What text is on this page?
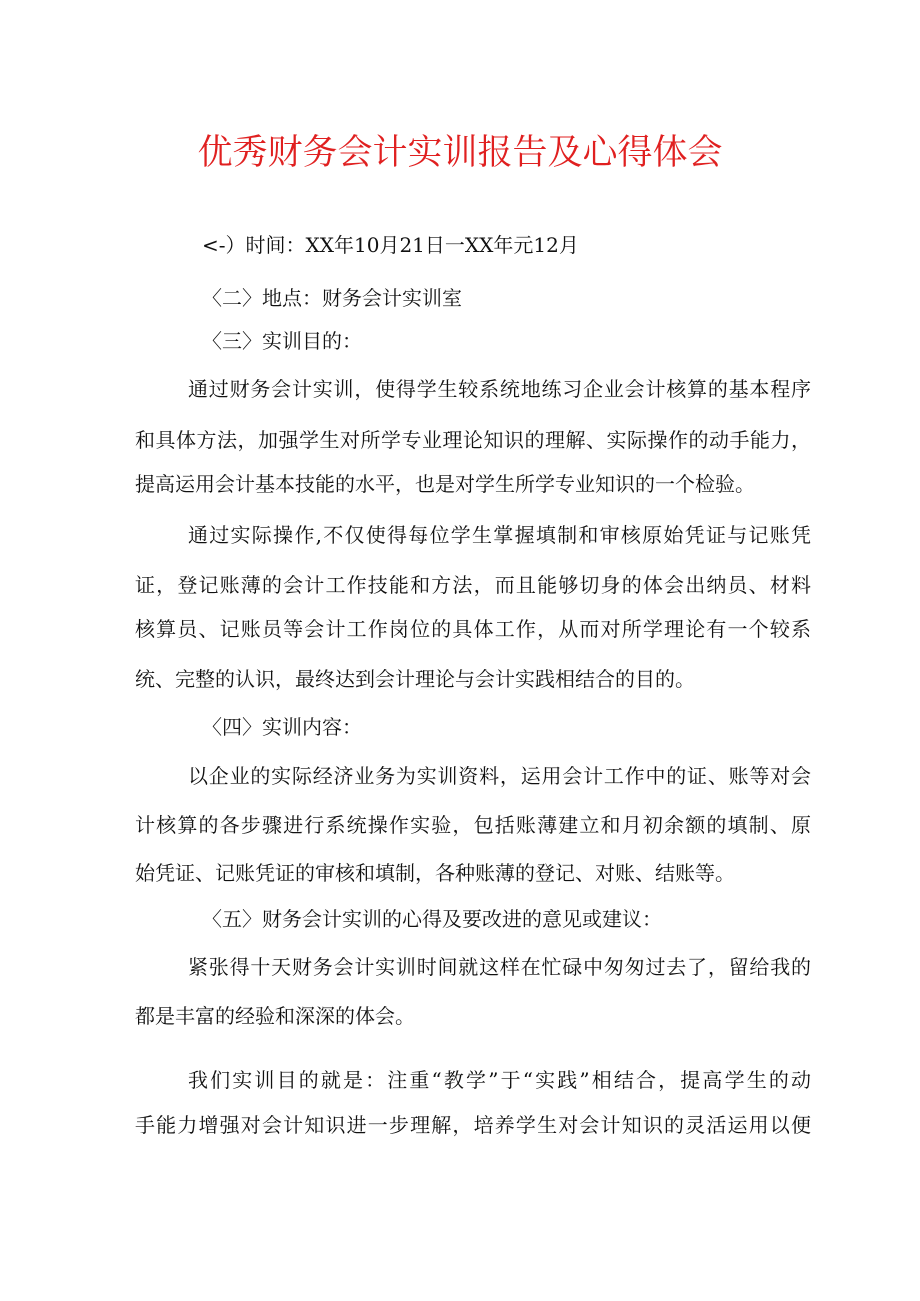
优秀财务会计实训报告及心得体会

<-）时间：XX年10月21日一XX年元12月

〈二〉地点：财务会计实训室

〈三〉实训目的：

通过财务会计实训，使得学生较系统地练习企业会计核算的基本程序

和具体方法，加强学生对所学专业理论知识的理解、实际操作的动手能力，

提高运用会计基本技能的水平，也是对学生所学专业知识的一个检验。

通过实际操作,不仅使得每位学生掌握填制和审核原始凭证与记账凭

证，登记账薄的会计工作技能和方法，而且能够切身的体会出纳员、材料

核算员、记账员等会计工作岗位的具体工作，从而对所学理论有一个较系

统、完整的认识，最终达到会计理论与会计实践相结合的目的。

〈四〉实训内容：

以企业的实际经济业务为实训资料，运用会计工作中的证、账等对会

计核算的各步骤进行系统操作实验，包括账薄建立和月初余额的填制、原

始凭证、记账凭证的审核和填制，各种账薄的登记、对账、结账等。

〈五〉财务会计实训的心得及要改进的意见或建议：

紧张得十天财务会计实训时间就这样在忙碌中匆匆过去了，留给我的

都是丰富的经验和深深的体会。

我们实训目的就是：注重“教学”于“实践”相结合，提高学生的动

手能力增强对会计知识进一步理解，培养学生对会计知识的灵活运用以便
